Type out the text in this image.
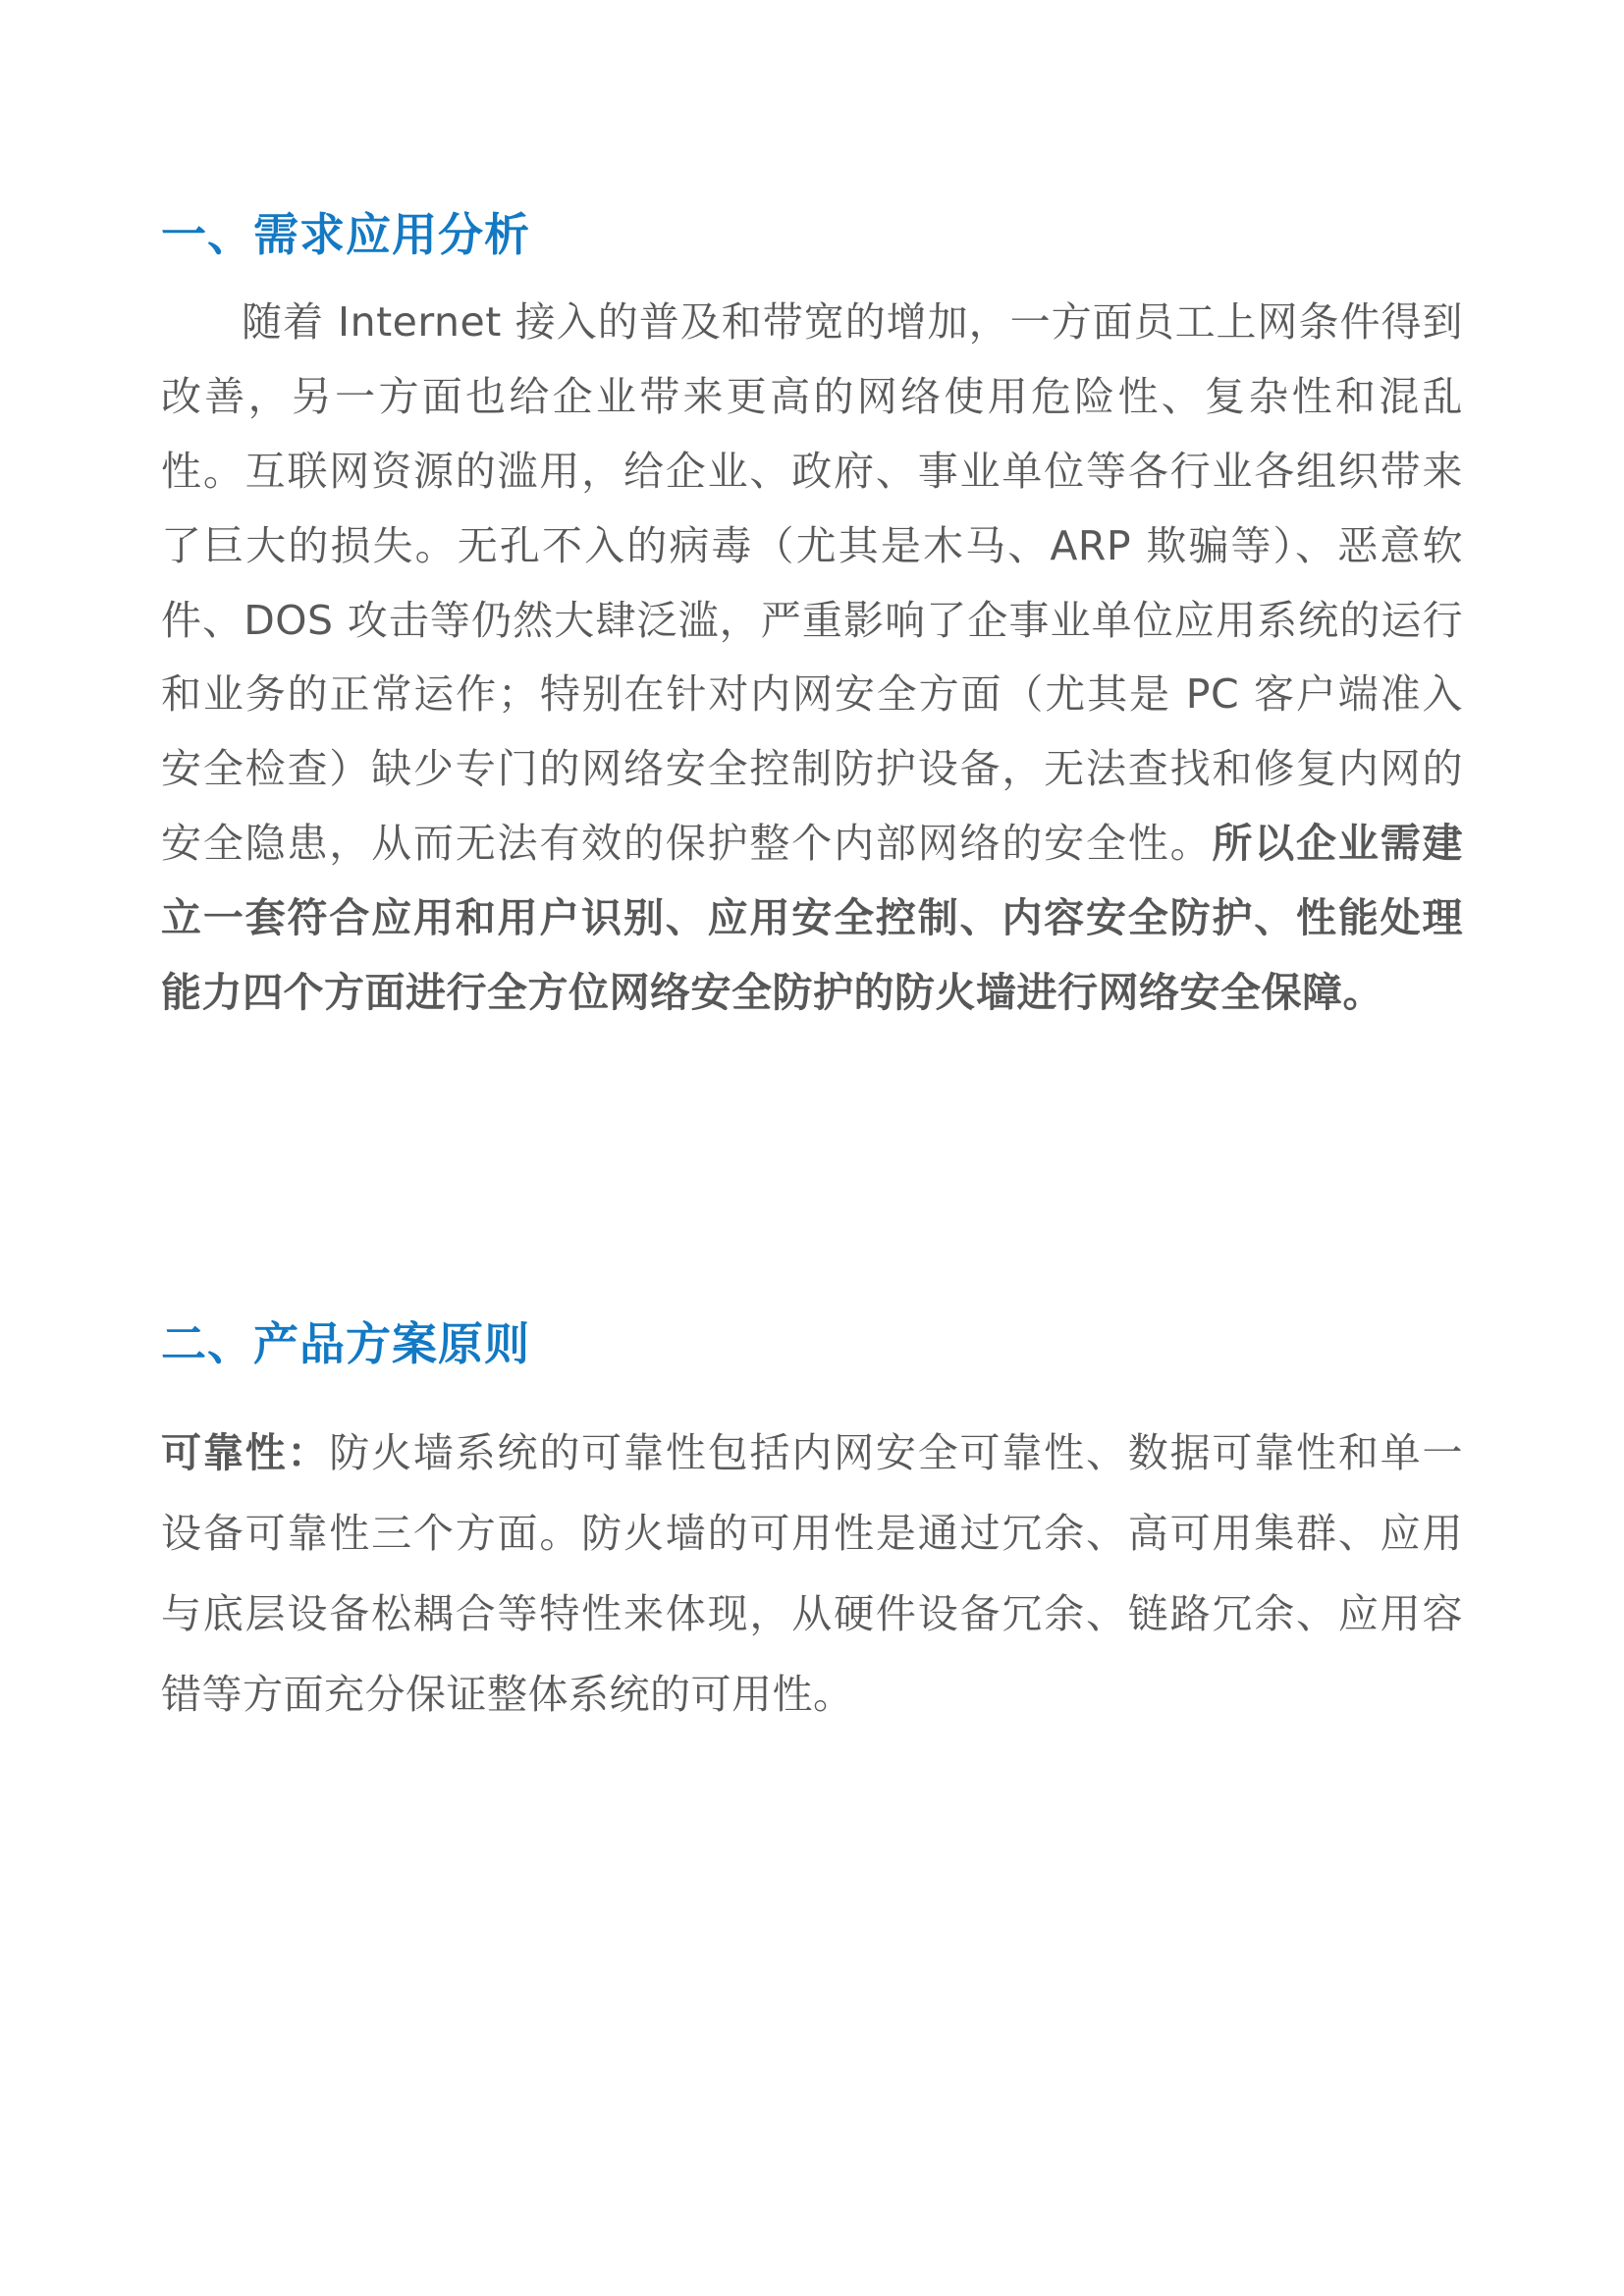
一、需求应用分析

随着 Internet 接入的普及和带宽的增加，一方面员工上网条件得到改善，另一方面也给企业带来更高的网络使用危险性、复杂性和混乱性。互联网资源的滥用，给企业、政府、事业单位等各行业各组织带来了巨大的损失。无孔不入的病毒（尤其是木马、ARP 欺骗等）、恶意软件、DOS 攻击等仍然大肆泛滥，严重影响了企事业单位应用系统的运行和业务的正常运作；特别在针对内网安全方面（尤其是 PC 客户端准入安全检查）缺少专门的网络安全控制防护设备，无法查找和修复内网的安全隐患，从而无法有效的保护整个内部网络的安全性。所以企业需建立一套符合应用和用户识别、应用安全控制、内容安全防护、性能处理能力四个方面进行全方位网络安全防护的防火墙进行网络安全保障。

二、产品方案原则

可靠性：防火墙系统的可靠性包括内网安全可靠性、数据可靠性和单一设备可靠性三个方面。防火墙的可用性是通过冗余、高可用集群、应用与底层设备松耦合等特性来体现，从硬件设备冗余、链路冗余、应用容错等方面充分保证整体系统的可用性。
